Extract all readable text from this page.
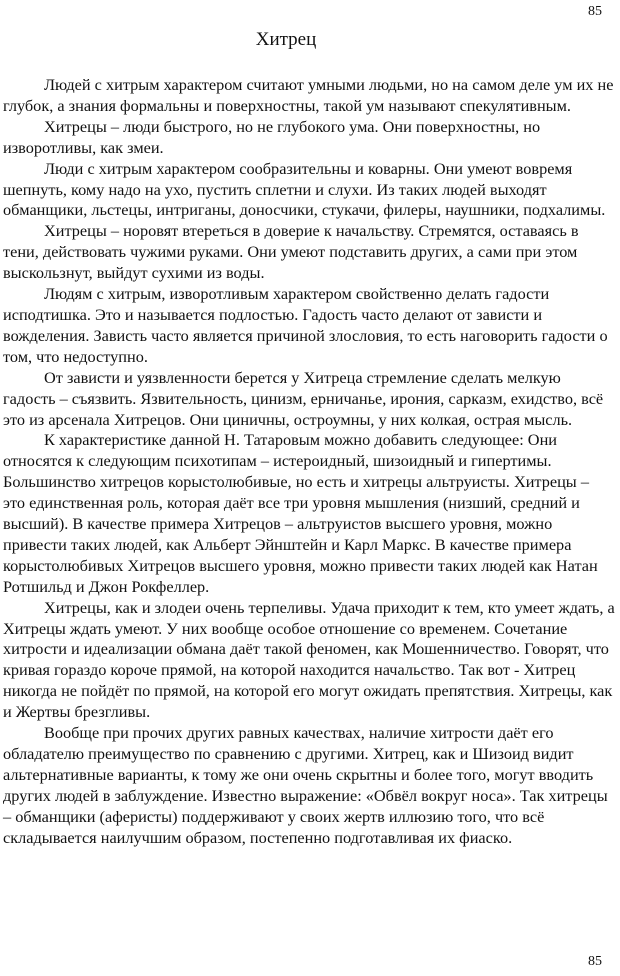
85
Хитрец

Людей с хитрым характером считают умными людьми, но на самом деле ум их не глубок, а знания формальны и поверхностны, такой ум называют спекулятивным.

Хитрецы – люди быстрого, но не глубокого ума. Они поверхностны, но изворотливы, как змеи.

Люди с хитрым характером сообразительны и коварны. Они умеют вовремя шепнуть, кому надо на ухо, пустить сплетни и слухи. Из таких людей выходят обманщики, льстецы, интриганы, доносчики, стукачи, филеры, наушники, подхалимы.

Хитрецы – норовят втереться в доверие к начальству. Стремятся, оставаясь в тени, действовать чужими руками. Они умеют подставить других, а сами при этом выскользнут, выйдут сухими из воды.

Людям с хитрым, изворотливым характером свойственно делать гадости исподтишка. Это и называется подлостью. Гадость часто делают от зависти и вожделения. Зависть часто является причиной злословия, то есть наговорить гадости о том, что недоступно.

От зависти и уязвленности берется у Хитреца стремление сделать мелкую гадость – съязвить. Язвительность, цинизм, ерничанье, ирония, сарказм, ехидство, всё это из арсенала Хитрецов. Они циничны, остроумны, у них колкая, острая мысль.

К характеристике данной Н. Татаровым можно добавить следующее: Они относятся к следующим психотипам – истероидный, шизоидный и гипертимы. Большинство хитрецов корыстолюбивые, но есть и хитрецы альтруисты. Хитрецы – это единственная роль, которая даёт все три уровня мышления (низший, средний и высший). В качестве примера Хитрецов – альтруистов высшего уровня, можно привести таких людей, как Альберт Эйнштейн и Карл Маркс. В качестве примера корыстолюбивых Хитрецов высшего уровня, можно привести таких людей как Натан Ротшильд и Джон Рокфеллер.

Хитрецы, как и злодеи очень терпеливы. Удача приходит к тем, кто умеет ждать, а Хитрецы ждать умеют. У них вообще особое отношение со временем. Сочетание хитрости и идеализации обмана даёт такой феномен, как Мошенничество. Говорят, что кривая гораздо короче прямой, на которой находится начальство. Так вот - Хитрец никогда не пойдёт по прямой, на которой его могут ожидать препятствия. Хитрецы, как и Жертвы брезгливы.

Вообще при прочих других равных качествах, наличие хитрости даёт его обладателю преимущество по сравнению с другими. Хитрец, как и Шизоид видит альтернативные варианты, к тому же они очень скрытны и более того, могут вводить других людей в заблуждение. Известно выражение: «Обвёл вокруг носа». Так хитрецы – обманщики (аферисты) поддерживают у своих жертв иллюзию того, что всё складывается наилучшим образом, постепенно подготавливая их фиаско.

85
